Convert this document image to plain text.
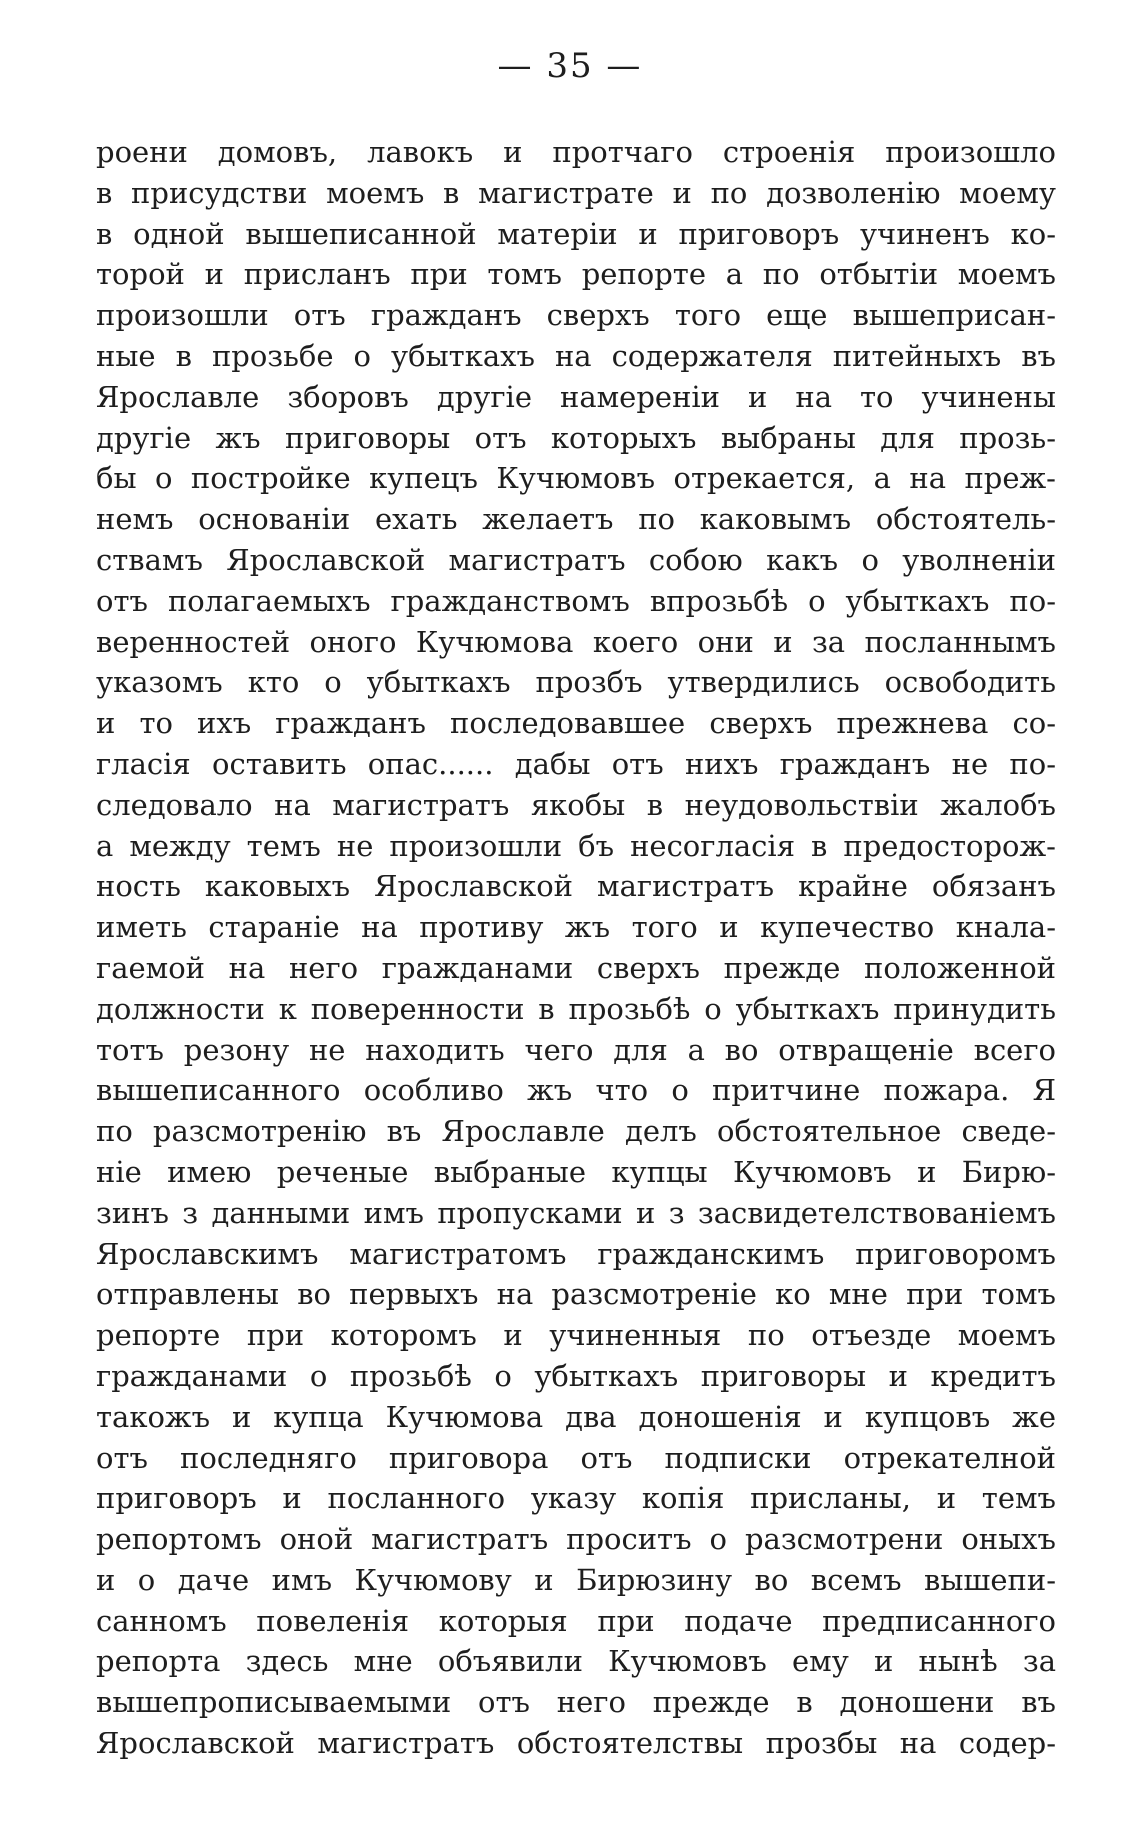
— 35 —
роени домовъ, лавокъ и протчаго строенія произошло
в присудстви моемъ в магистрате и по дозволенію моему
в одной вышеписанной матеріи и приговоръ учиненъ ко-
торой и присланъ при томъ репорте а по отбытіи моемъ
произошли отъ гражданъ сверхъ того еще вышеприсан-
ные в прозьбе о убыткахъ на содержателя питейныхъ въ
Ярославле зборовъ другіе намереніи и на то учинены
другіе жъ приговоры отъ которыхъ выбраны для прозь-
бы о постройке купецъ Кучюмовъ отрекается, а на преж-
немъ основаніи ехать желаетъ по каковымъ обстоятель-
ствамъ Ярославской магистратъ собою какъ о уволненіи
отъ полагаемыхъ гражданствомъ впрозьбѣ о убыткахъ по-
веренностей оного Кучюмова коего они и за посланнымъ
указомъ кто о убыткахъ прозбъ утвердились освободить
и то ихъ гражданъ последовавшее сверхъ прежнева со-
гласія оставить опас...... дабы отъ нихъ гражданъ не по-
следовало на магистратъ якобы в неудовольствіи жалобъ
а между темъ не произошли бъ несогласія в предосторож-
ность каковыхъ Ярославской магистратъ крайне обязанъ
иметь стараніе на противу жъ того и купечество кнала-
гаемой на него гражданами сверхъ прежде положенной
должности к поверенности в прозьбѣ о убыткахъ принудить
тотъ резону не находить чего для а во отвращеніе всего
вышеписанного особливо жъ что о притчине пожара. Я
по разсмотренію въ Ярославле делъ обстоятельное сведе-
ніе имею реченые выбраные купцы Кучюмовъ и Бирю-
зинъ з данными имъ пропусками и з засвидетелствованіемъ
Ярославскимъ магистратомъ гражданскимъ приговоромъ
отправлены во первыхъ на разсмотреніе ко мне при томъ
репорте при которомъ и учиненныя по отъезде моемъ
гражданами о прозьбѣ о убыткахъ приговоры и кредитъ
такожъ и купца Кучюмова два доношенія и купцовъ же
отъ последняго приговора отъ подписки отрекателной
приговоръ и посланного указу копія присланы, и темъ
репортомъ оной магистратъ проситъ о разсмотрени оныхъ
и о даче имъ Кучюмову и Бирюзину во всемъ вышепи-
санномъ повеленія которыя при подаче предписанного
репорта здесь мне объявили Кучюмовъ ему и нынѣ за
вышепрописываемыми отъ него прежде в доношени въ
Ярославской магистратъ обстоятелствы прозбы на содер-
